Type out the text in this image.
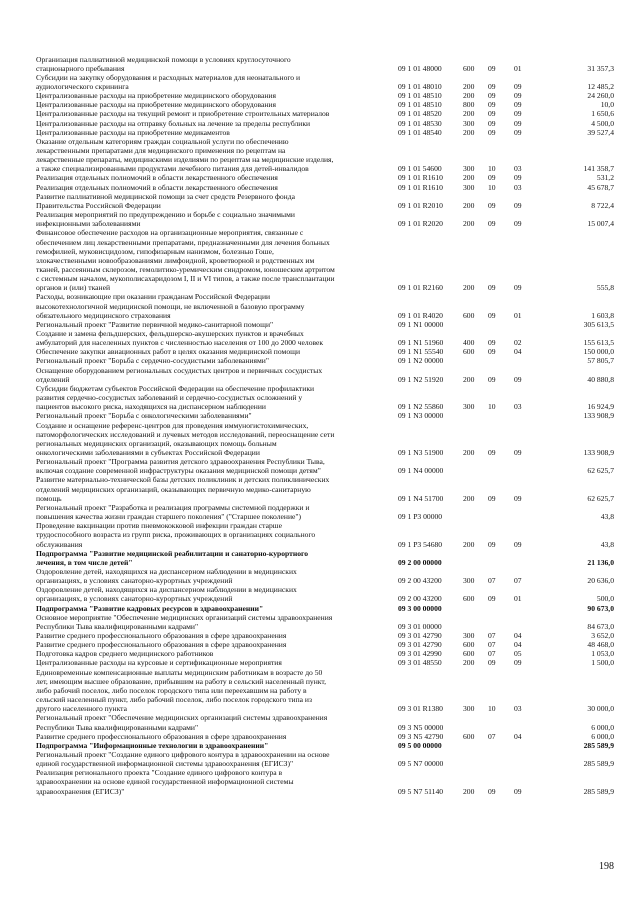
Организация паллиативной медицинской помощи в условиях круглосуточного
стационарного пребывания	09 1 01 48000	600 09 01	31 357,3
Субсидии на закупку оборудования и расходных материалов для неонатального и
аудиологического скрининга	09 1 01 48010	200 09 09	12 485,2
Централизованные расходы на приобретение медицинского оборудования	09 1 01 48510	200 09 09	24 260,0
Централизованные расходы на приобретение медицинского оборудования	09 1 01 48510	800 09 09	10,0
Централизованные расходы на текущий ремонт и приобретение строительных материалов	09 1 01 48520	200 09 09	1 650,6
Централизованные расходы на отправку больных на лечение за пределы республики	09 1 01 48530	300 09 09	4 500,0
Централизованные расходы на приобретение медикаментов	09 1 01 48540	200 09 09	39 527,4
Оказание отдельным категориям граждан социальной услуги по обеспечению
лекарственными препаратами для медицинского применения по рецептам на
лекарственные препараты, медицинскими изделиями по рецептам на медицинские изделия,
а также специализированными продуктами лечебного питания для детей-инвалидов	09 1 01 54600	300 10 03	141 358,7
Реализация отдельных полномочий в области лекарственного обеспечения	09 1 01 R1610	200 09 09	531,2
Реализация отдельных полномочий в области лекарственного обеспечения	09 1 01 R1610	300 10 03	45 678,7
Развитие паллиативной медицинской помощи за счет средств Резервного фонда
Правительства Российской Федерации	09 1 01 R2010	200 09 09	8 722,4
Реализация мероприятий по предупреждению и борьбе с социально значимыми
инфекционными заболеваниями	09 1 01 R2020	200 09 09	15 007,4
Финансовое обеспечение расходов на организационные мероприятия, связанные с
обеспечением лиц лекарственными препаратами, предназначенными для лечения больных
гемофилией, муковисцидозом, гипофизарным нанизмом, болезнью Гоше,
злокачественными новообразованиями лимфоидной, кроветворной и родственных им
тканей, рассеянным склерозом, гемолитико-уремическим синдромом, юношеским артритом
с системным началом, мукополисахаридозом I, II и VI типов, а также после трансплантации
органов и (или) тканей	09 1 01 R2160	200 09 09	555,8
Расходы, возникающие при оказании гражданам Российской Федерации
высокотехнологичной медицинской помощи, не включенной в базовую программу
обязательного медицинского страхования	09 1 01 R4020	600 09 01	1 603,8
Региональный проект "Развитие первичной медико-санитарной помощи"	09 1 N1 00000	305 613,5
Создание и замена фельдшерских, фельдшерско-акушерских пунктов и врачебных
амбулаторий для населенных пунктов с численностью населения от 100 до 2000 человек	09 1 N1 51960	400 09 02	155 613,5
Обеспечение закупки авиационных работ в целях оказания медицинской помощи	09 1 N1 55540	600 09 04	150 000,0
Региональный проект "Борьба с сердечно-сосудистыми заболеваниями"	09 1 N2 00000	57 805,7
Оснащение оборудованием региональных сосудистых центров и первичных сосудистых
отделений	09 1 N2 51920	200 09 09	40 880,8
Субсидии бюджетам субъектов Российской Федерации на обеспечение профилактики
развития сердечно-сосудистых заболеваний и сердечно-сосудистых осложнений у
пациентов высокого риска, находящихся на диспансерном наблюдении	09 1 N2 55860	300 10 03	16 924,9
Региональный проект "Борьба с онкологическими заболеваниями"	09 1 N3 00000	133 908,9
Создание и оснащение референс-центров для проведения иммуногистохимических,
патоморфологических исследований и лучевых методов исследований, переоснащение сети
региональных медицинских организаций, оказывающих помощь больным
онкологическими заболеваниями в субъектах Российской Федерации	09 1 N3 51900	200 09 09	133 908,9
Региональный проект "Программа развития детского здравоохранения Республики Тыва,
включая создание современной инфраструктуры оказания медицинской помощи детям"	09 1 N4 00000	62 625,7
Развитие материально-технической базы детских поликлиник и детских поликлинических
отделений медицинских организаций, оказывающих первичную медико-санитарную
помощь	09 1 N4 51700	200 09 09	62 625,7
Региональный проект "Разработка и реализация программы системной поддержки и
повышения качества жизни граждан старшего поколения" ("Старшее поколение")	09 1 P3 00000	43,8
Проведение вакцинации против пневмококковой инфекции граждан старше
трудоспособного возраста из групп риска, проживающих в организациях социального
обслуживания	09 1 P3 54680	200 09 09	43,8
Подпрограмма "Развитие медицинской реабилитации и санаторно-курортного
лечения, в том числе детей"	09 2 00 00000	21 136,0
Оздоровление детей, находящихся на диспансерном наблюдении в медицинских
организациях, в условиях санаторно-курортных учреждений	09 2 00 43200	300 07 07	20 636,0
Оздоровление детей, находящихся на диспансерном наблюдении в медицинских
организациях, в условиях санаторно-курортных учреждений	09 2 00 43200	600 09 01	500,0
Подпрограмма "Развитие кадровых ресурсов в здравоохранении"	09 3 00 00000	90 673,0
Основное мероприятие "Обеспечение медицинских организаций системы здравоохранения
Республики Тыва квалифицированными кадрами"	09 3 01 00000	84 673,0
Развитие среднего профессионального образования в сфере здравоохранения	09 3 01 42790	300 07 04	3 652,0
Развитие среднего профессионального образования в сфере здравоохранения	09 3 01 42790	600 07 04	48 468,0
Подготовка кадров среднего медицинского работников	09 3 01 42990	600 07 05	1 053,0
Централизованные расходы на курсовые и сертификационные мероприятия	09 3 01 48550	200 09 09	1 500,0
Единовременные компенсационные выплаты медицинским работникам в возрасте до 50
лет, имеющим высшее образование, прибывшим на работу в сельский населенный пункт,
либо рабочий поселок, либо поселок городского типа или переехавшим на работу в
сельский населенный пункт, либо рабочий поселок, либо поселок городского типа из
другого населенного пункта	09 3 01 R1380	300 10 03	30 000,0
Региональный проект "Обеспечение медицинских организаций системы здравоохранения
Республики Тыва квалифицированными кадрами"	09 3 N5 00000	6 000,0
Развитие среднего профессионального образования в сфере здравоохранения	09 3 N5 42790	600 07 04	6 000,0
Подпрограмма "Информационные технологии в здравоохранении"	09 5 00 00000	285 589,9
Региональный проект "Создание единого цифрового контура в здравоохранении на основе
единой государственной информационной системы здравоохранения (ЕГИСЗ)"	09 5 N7 00000	285 589,9
Реализация регионального проекта "Создание единого цифрового контура в
здравоохранении на основе единой государственной информационной системы
здравоохранения (ЕГИСЗ)"	09 5 N7 51140	200 09 09	285 589,9
198
